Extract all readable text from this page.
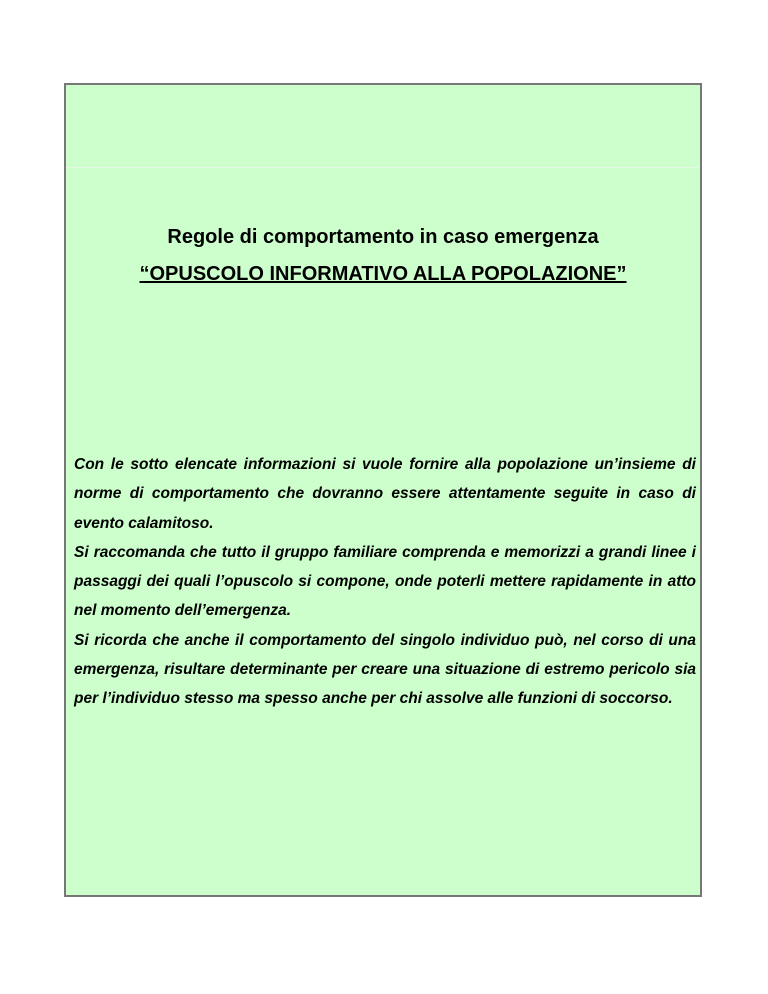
Regole di comportamento in caso emergenza
“OPUSCOLO INFORMATIVO ALLA POPOLAZIONE”

Con le sotto elencate informazioni si vuole fornire alla popolazione un’insieme di norme di comportamento che dovranno essere attentamente seguite in caso di evento calamitoso.

Si raccomanda che tutto il gruppo familiare comprenda e memorizzi a grandi linee i passaggi dei quali l’opuscolo si compone, onde poterli mettere rapidamente in atto nel momento dell’emergenza.

Si ricorda che anche il comportamento del singolo individuo può, nel corso di una emergenza, risultare determinante per creare una situazione di estremo pericolo sia per l’individuo stesso ma spesso anche per chi assolve alle funzioni di soccorso.
